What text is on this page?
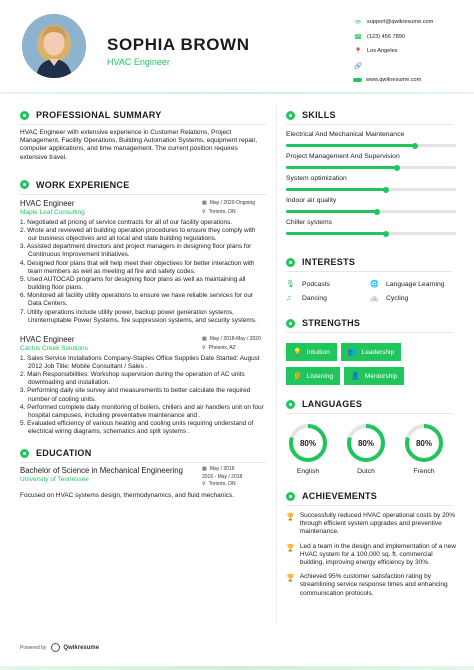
SOPHIA BROWN
HVAC Engineer
✉	support@qwikresume.com
☎ (123) 456 7890
📍 Los Angeles
🔗
www.qwikresume.com
PROFESSIONAL SUMMARY
HVAC Engineer with extensive experience in Customer Relations, Project Management, Facility Operations, Building Automation Systems, equipment repair, computer applications, and time management. The current position requires extensive travel.
WORK EXPERIENCE
HVAC Engineer
Maple Leaf Consulting
▦ May / 2020-Ongoing
⚲ Toronto, ON
1. Negotiated all pricing of service contracts for all of our facility operations.
2. Wrote and reviewed all building operation procedures to ensure they comply with our business objectives and all local and state building regulations.
3. Assisted department directors and project managers in designing floor plans for Continuous Improvement Initiatives.
4. Designed floor plans that will help meet their objectives for better interaction with team members as well as meeting all fire and safety codes.
5. Used AUTOCAD programs for designing floor plans as well as maintaining all building floor plans.
6. Monitored all facility utility operations to ensure we have reliable services for our Data Centers.
7. Utility operations include utility power, backup power generation systems, Uninterruptable Power Systems, fire suppression systems, and security systems.
HVAC Engineer
Cactus Creek Solutions
▦ May / 2018-May / 2020
⚲ Phoenix, AZ
1. Sales Service Installations Company-Staples Office Supplies Date Started: August 2012 Job Title: Mobile Consultant / Sales .
2. Main Responsibilities: Workshop supervision during the operation of AC units downloading and installation.
3. Performing daily site survey and measurements to better calculate the required number of cooling units.
4. Performed complete daily monitoring of boilers, chillers and air handlers unit on four hospital campuses, including preventative maintenance and .
5. Evaluated efficiency of various heating and cooling units requiring understand of electrical wiring diagrams, schematics and split systems .
EDUCATION
Bachelor of Science in Mechanical Engineering
University of Tennessee
▦ May / 2016
2016 - May / 2018
⚲ Toronto, ON
Focused on HVAC systems design, thermodynamics, and fluid mechanics.
Powered by	Qwikresume
SKILLS
Electrical And Mechanical Maintenance
Project Management And Supervision
System optimization
Indoor air quality
Chiller systems
INTERESTS
🎙 Podcasts	🌐 Language Learning
♫	Dancing	🚲 Cycling
STRENGTHS
💡 Intuition	👥 Leadership

👂 Listening	👤 Mentorship
LANGUAGES
80%
English
80%
Dutch
80%
French
ACHIEVEMENTS
🏆 Successfully reduced HVAC operational costs by 20% through efficient system upgrades and preventive maintenance.
🏆 Led a team in the design and implementation of a new HVAC system for a 100,000 sq. ft. commercial building, improving energy efficiency by 30%.
🏆 Achieved 95% customer satisfaction rating by streamlining service response times and enhancing communication protocols.
